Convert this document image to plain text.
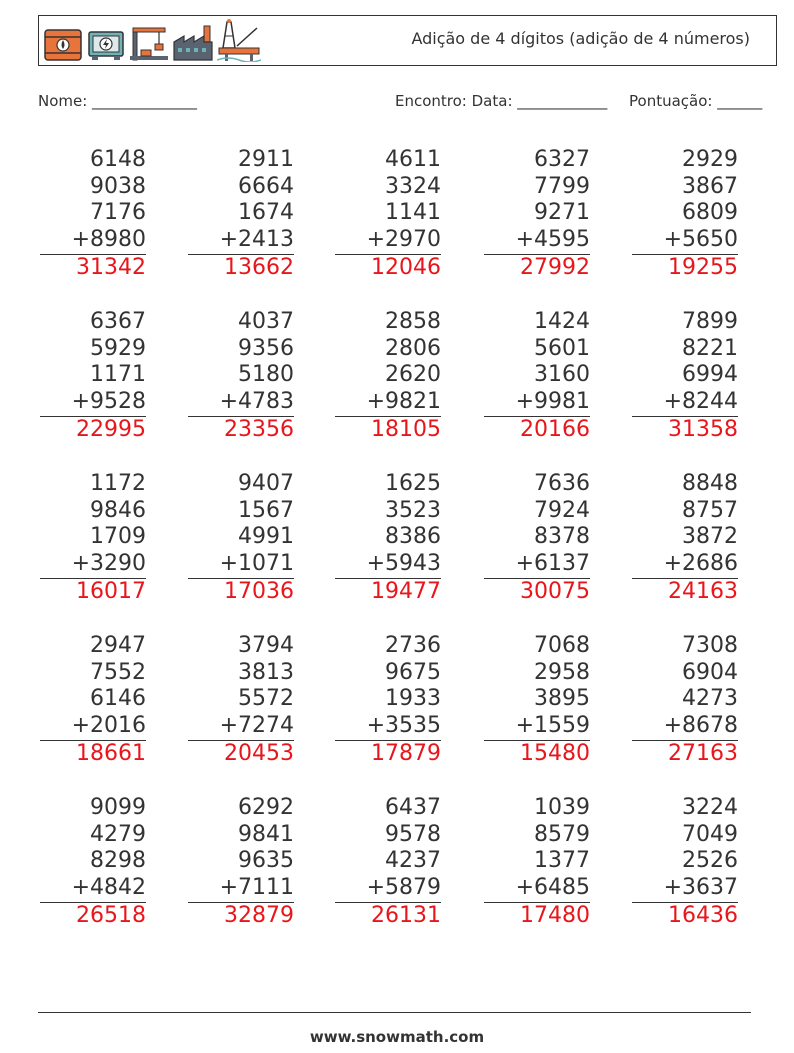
Adição de 4 dígitos (adição de 4 números)
Nome: ______________	Encontro: Data: ____________ Pontuação: ______
6148
9038
7176
+8980
31342
2911
6664
1674
+2413
13662
4611
3324
1141
+2970
12046
6327
7799
9271
+4595
27992
2929
3867
6809
+5650
19255
6367
5929
1171
+9528
22995
4037
9356
5180
+4783
23356
2858
2806
2620
+9821
18105
1424
5601
3160
+9981
20166
7899
8221
6994
+8244
31358
1172
9846
1709
+3290
16017
9407
1567
4991
+1071
17036
1625
3523
8386
+5943
19477
7636
7924
8378
+6137
30075
8848
8757
3872
+2686
24163
2947
7552
6146
+2016
18661
3794
3813
5572
+7274
20453
2736
9675
1933
+3535
17879
7068
2958
3895
+1559
15480
7308
6904
4273
+8678
27163
9099
4279
8298
+4842
26518
6292
9841
9635
+7111
32879
6437
9578
4237
+5879
26131
1039
8579
1377
+6485
17480
3224
7049
2526
+3637
16436
www.snowmath.com
